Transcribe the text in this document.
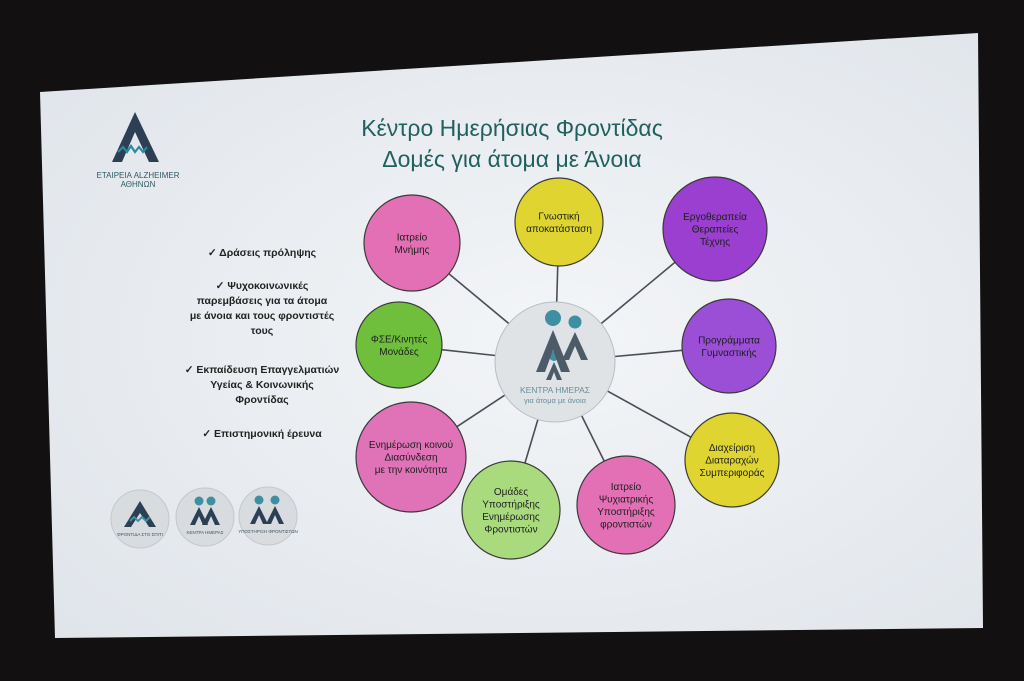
ΕΤΑΙΡΕΙΑ ALZHEIMER
ΑΘΗΝΩΝ
Κέντρο Ημερήσιας Φροντίδας
Δομές για άτομα με Άνοια
✓ Δράσεις πρόληψης
✓ Ψυχοκοινωνικές
παρεμβάσεις για τα άτομα
με άνοια και τους φροντιστές
τους
✓ Εκπαίδευση Επαγγελματιών
Υγείας & Κοινωνικής
Φροντίδας
✓ Επιστημονική έρευνα
ΚΕΝΤΡΑ ΗΜΕΡΑΣ
για άτομα με άνοια
Ιατρείο
Μνήμης
Γνωστική
αποκατάσταση
Εργοθεραπεία
Θεραπείες
Τέχνης
Προγράμματα
Γυμναστικής
Διαχείριση
Διαταραχών
Συμπεριφοράς
Ιατρείο
Ψυχιατρικής
Υποστήριξης
φροντιστών
Ομάδες
Υποστήριξης
Ενημέρωσης
Φροντιστών
Ενημέρωση κοινού
Διασύνδεση
με την κοινότητα
ΦΣΕ/Κινητές
Μονάδες
ΦΡΟΝΤΙΔΑ ΣΤΟ ΣΠΙΤΙ	ΚΕΝΤΡΑ ΗΜΕΡΑΣ	ΥΠΟΣΤΗΡΙΞΗ ΦΡΟΝΤΙΣΤΩΝ
